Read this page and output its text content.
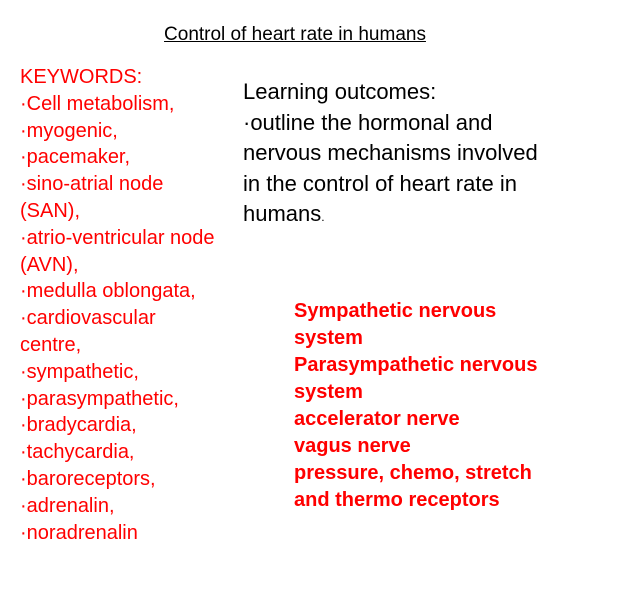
Control of heart rate in humans
KEYWORDS:
·Cell metabolism,
·myogenic,
·pacemaker,
·sino-atrial node
(SAN),
·atrio-ventricular node
(AVN),
·medulla oblongata,
·cardiovascular
centre,
·sympathetic,
·parasympathetic,
·bradycardia,
·tachycardia,
·baroreceptors,
·adrenalin,
·noradrenalin
Learning outcomes:
·outline the hormonal and
nervous mechanisms involved
in the control of heart rate in
humans.
Sympathetic nervous
system
Parasympathetic nervous
system
accelerator nerve
vagus nerve
pressure, chemo, stretch
and thermo receptors
